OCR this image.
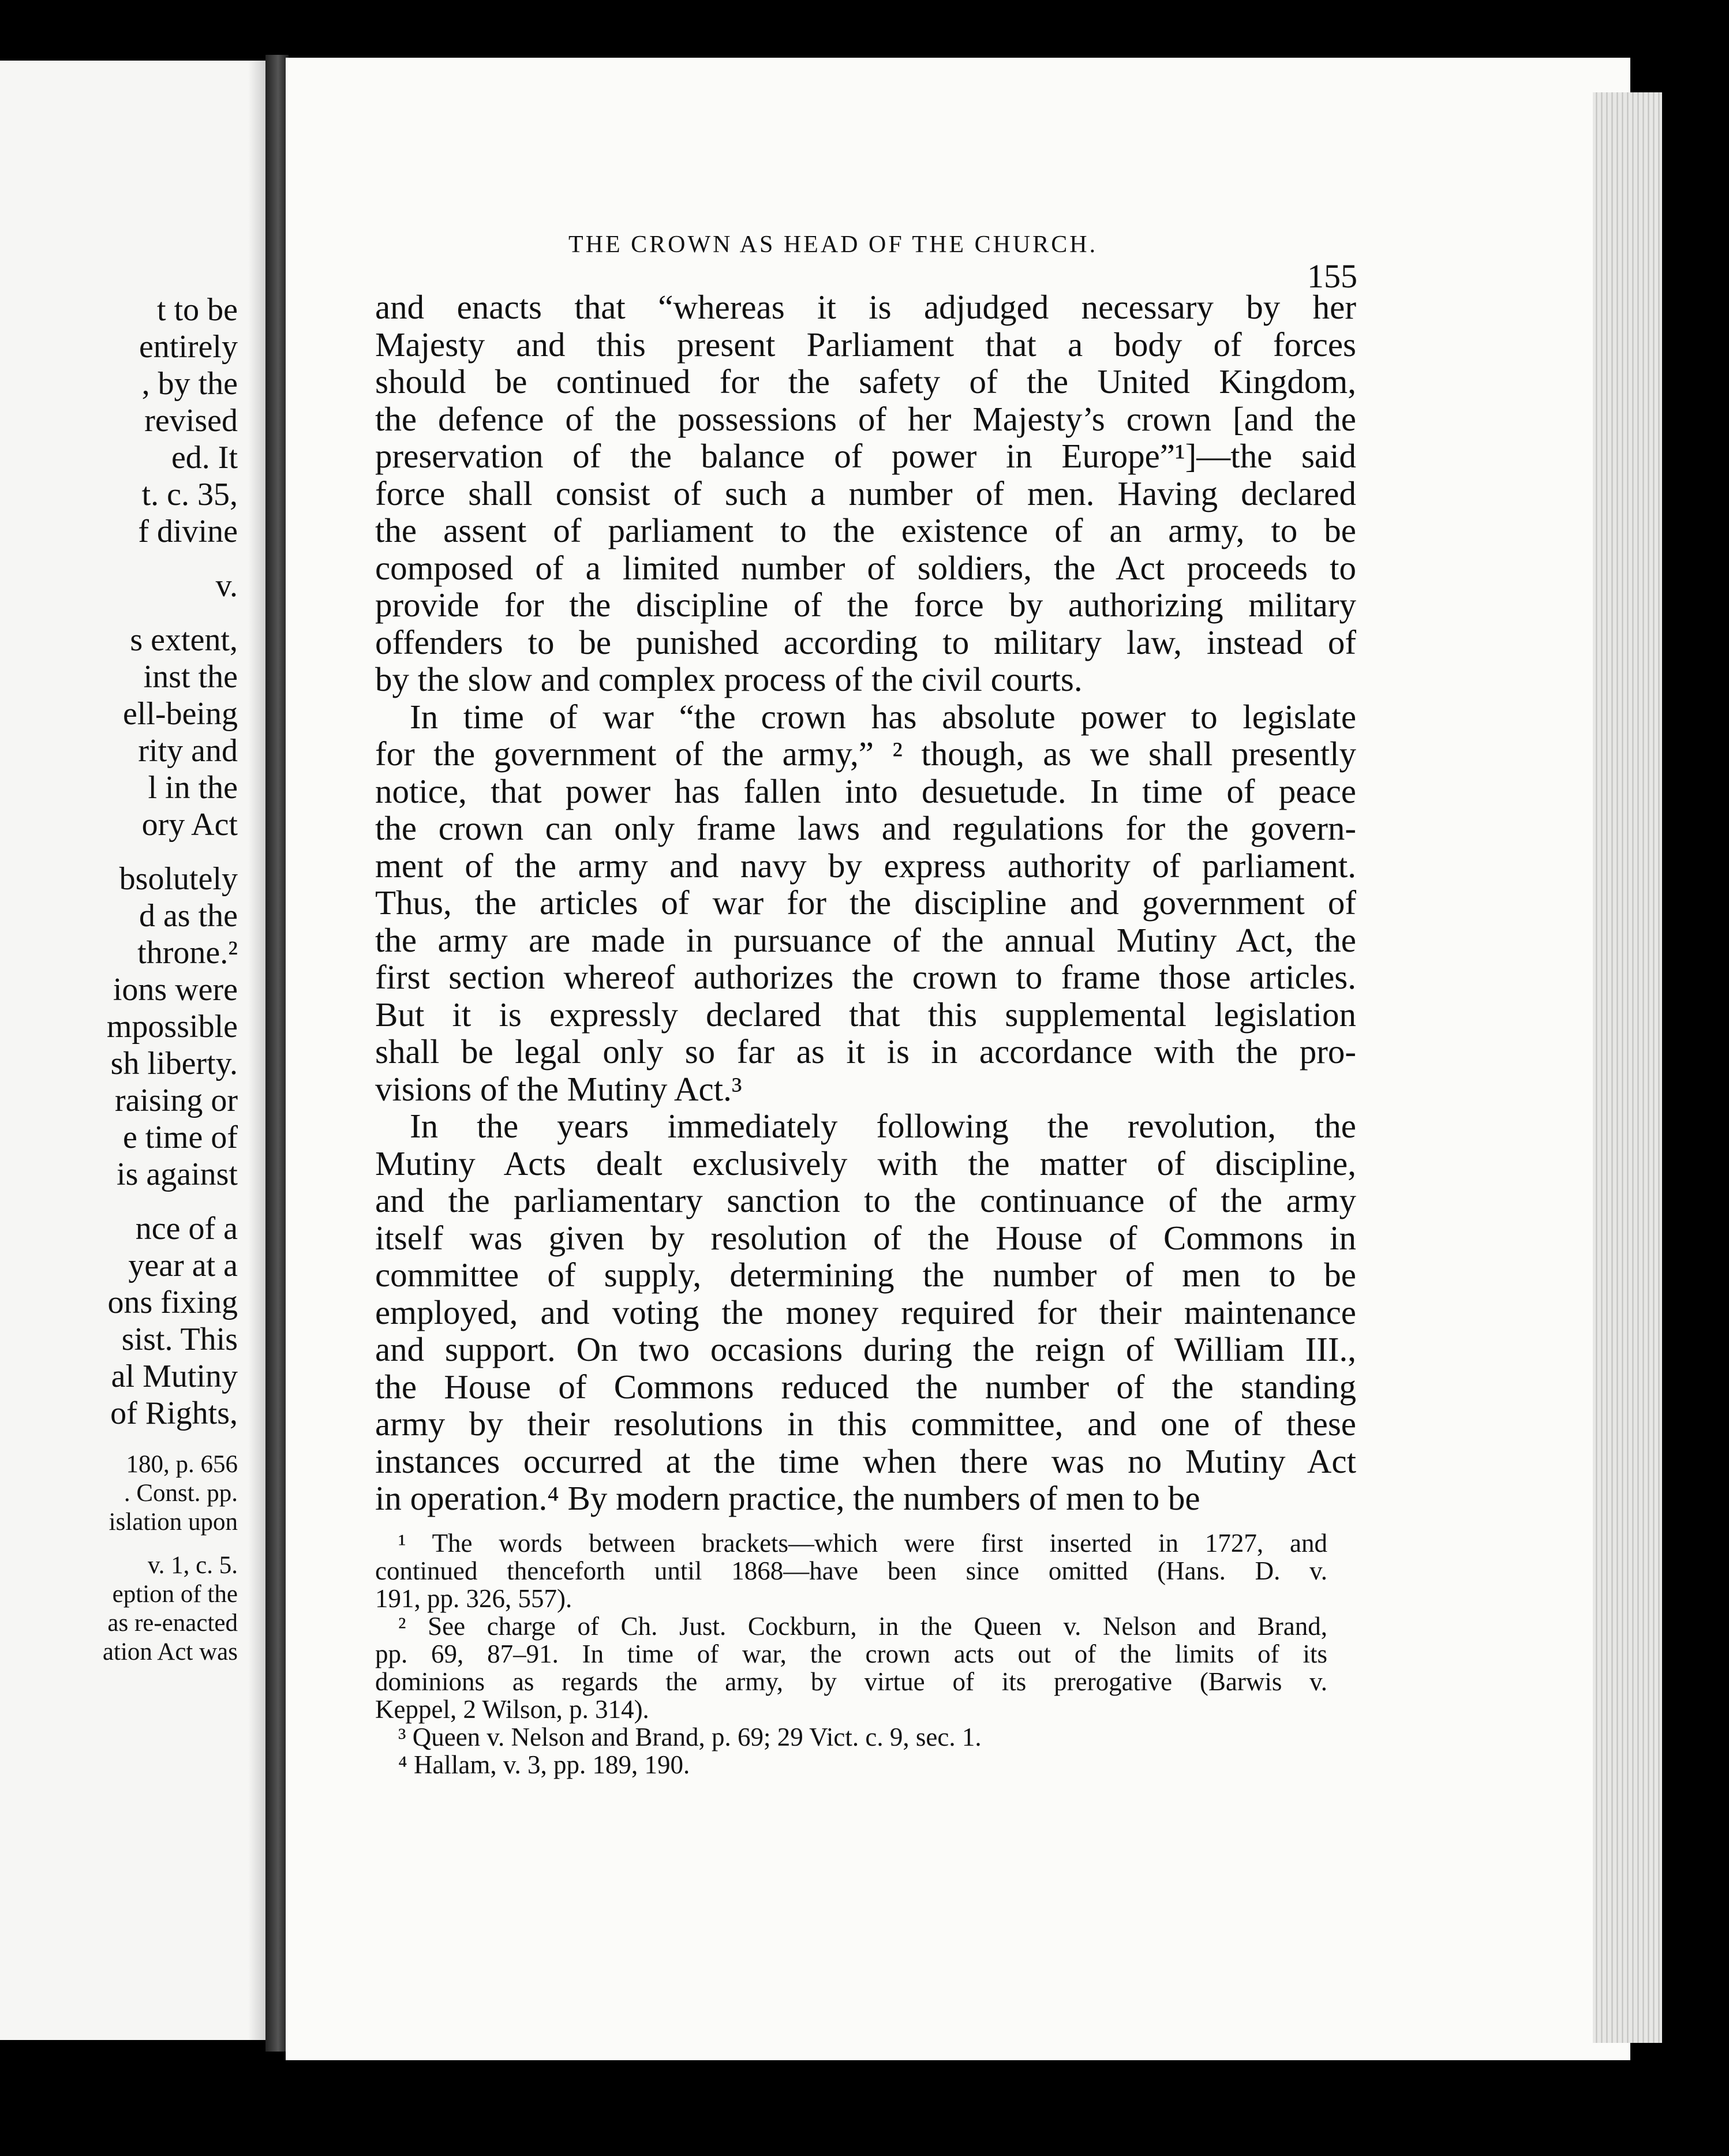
t to be
entirely
, by the
revised
ed. It
t. c. 35,
f divine
v.
s extent,
inst the
ell-being
rity and
l in the
ory Act
bsolutely
d as the
throne.²
ions were
mpossible
sh liberty.
raising or
e time of
is against
nce of a
year at a
ons fixing
sist. This
al Mutiny
of Rights,
180, p. 656
. Const. pp.
islation upon
v. 1, c. 5.
eption of the
as re-enacted
ation Act was
THE CROWN AS HEAD OF THE CHURCH.
155
and enacts that “whereas it is adjudged necessary by her
Majesty and this present Parliament that a body of forces
should be continued for the safety of the United Kingdom,
the defence of the possessions of her Majesty’s crown [and the
preservation of the balance of power in Europe”¹]—the said
force shall consist of such a number of men. Having declared
the assent of parliament to the existence of an army, to be
composed of a limited number of soldiers, the Act proceeds to
provide for the discipline of the force by authorizing military
offenders to be punished according to military law, instead of
by the slow and complex process of the civil courts.
In time of war “the crown has absolute power to legislate
for the government of the army,” ² though, as we shall presently
notice, that power has fallen into desuetude. In time of peace
the crown can only frame laws and regulations for the govern-
ment of the army and navy by express authority of parliament.
Thus, the articles of war for the discipline and government of
the army are made in pursuance of the annual Mutiny Act, the
first section whereof authorizes the crown to frame those articles.
But it is expressly declared that this supplemental legislation
shall be legal only so far as it is in accordance with the pro-
visions of the Mutiny Act.³
In the years immediately following the revolution, the
Mutiny Acts dealt exclusively with the matter of discipline,
and the parliamentary sanction to the continuance of the army
itself was given by resolution of the House of Commons in
committee of supply, determining the number of men to be
employed, and voting the money required for their maintenance
and support. On two occasions during the reign of William III.,
the House of Commons reduced the number of the standing
army by their resolutions in this committee, and one of these
instances occurred at the time when there was no Mutiny Act
in operation.⁴ By modern practice, the numbers of men to be
¹ The words between brackets—which were first inserted in 1727, and
continued thenceforth until 1868—have been since omitted (Hans. D. v.
191, pp. 326, 557).
² See charge of Ch. Just. Cockburn, in the Queen v. Nelson and Brand,
pp. 69, 87–91. In time of war, the crown acts out of the limits of its
dominions as regards the army, by virtue of its prerogative (Barwis v.
Keppel, 2 Wilson, p. 314).
³ Queen v. Nelson and Brand, p. 69; 29 Vict. c. 9, sec. 1.
⁴ Hallam, v. 3, pp. 189, 190.
